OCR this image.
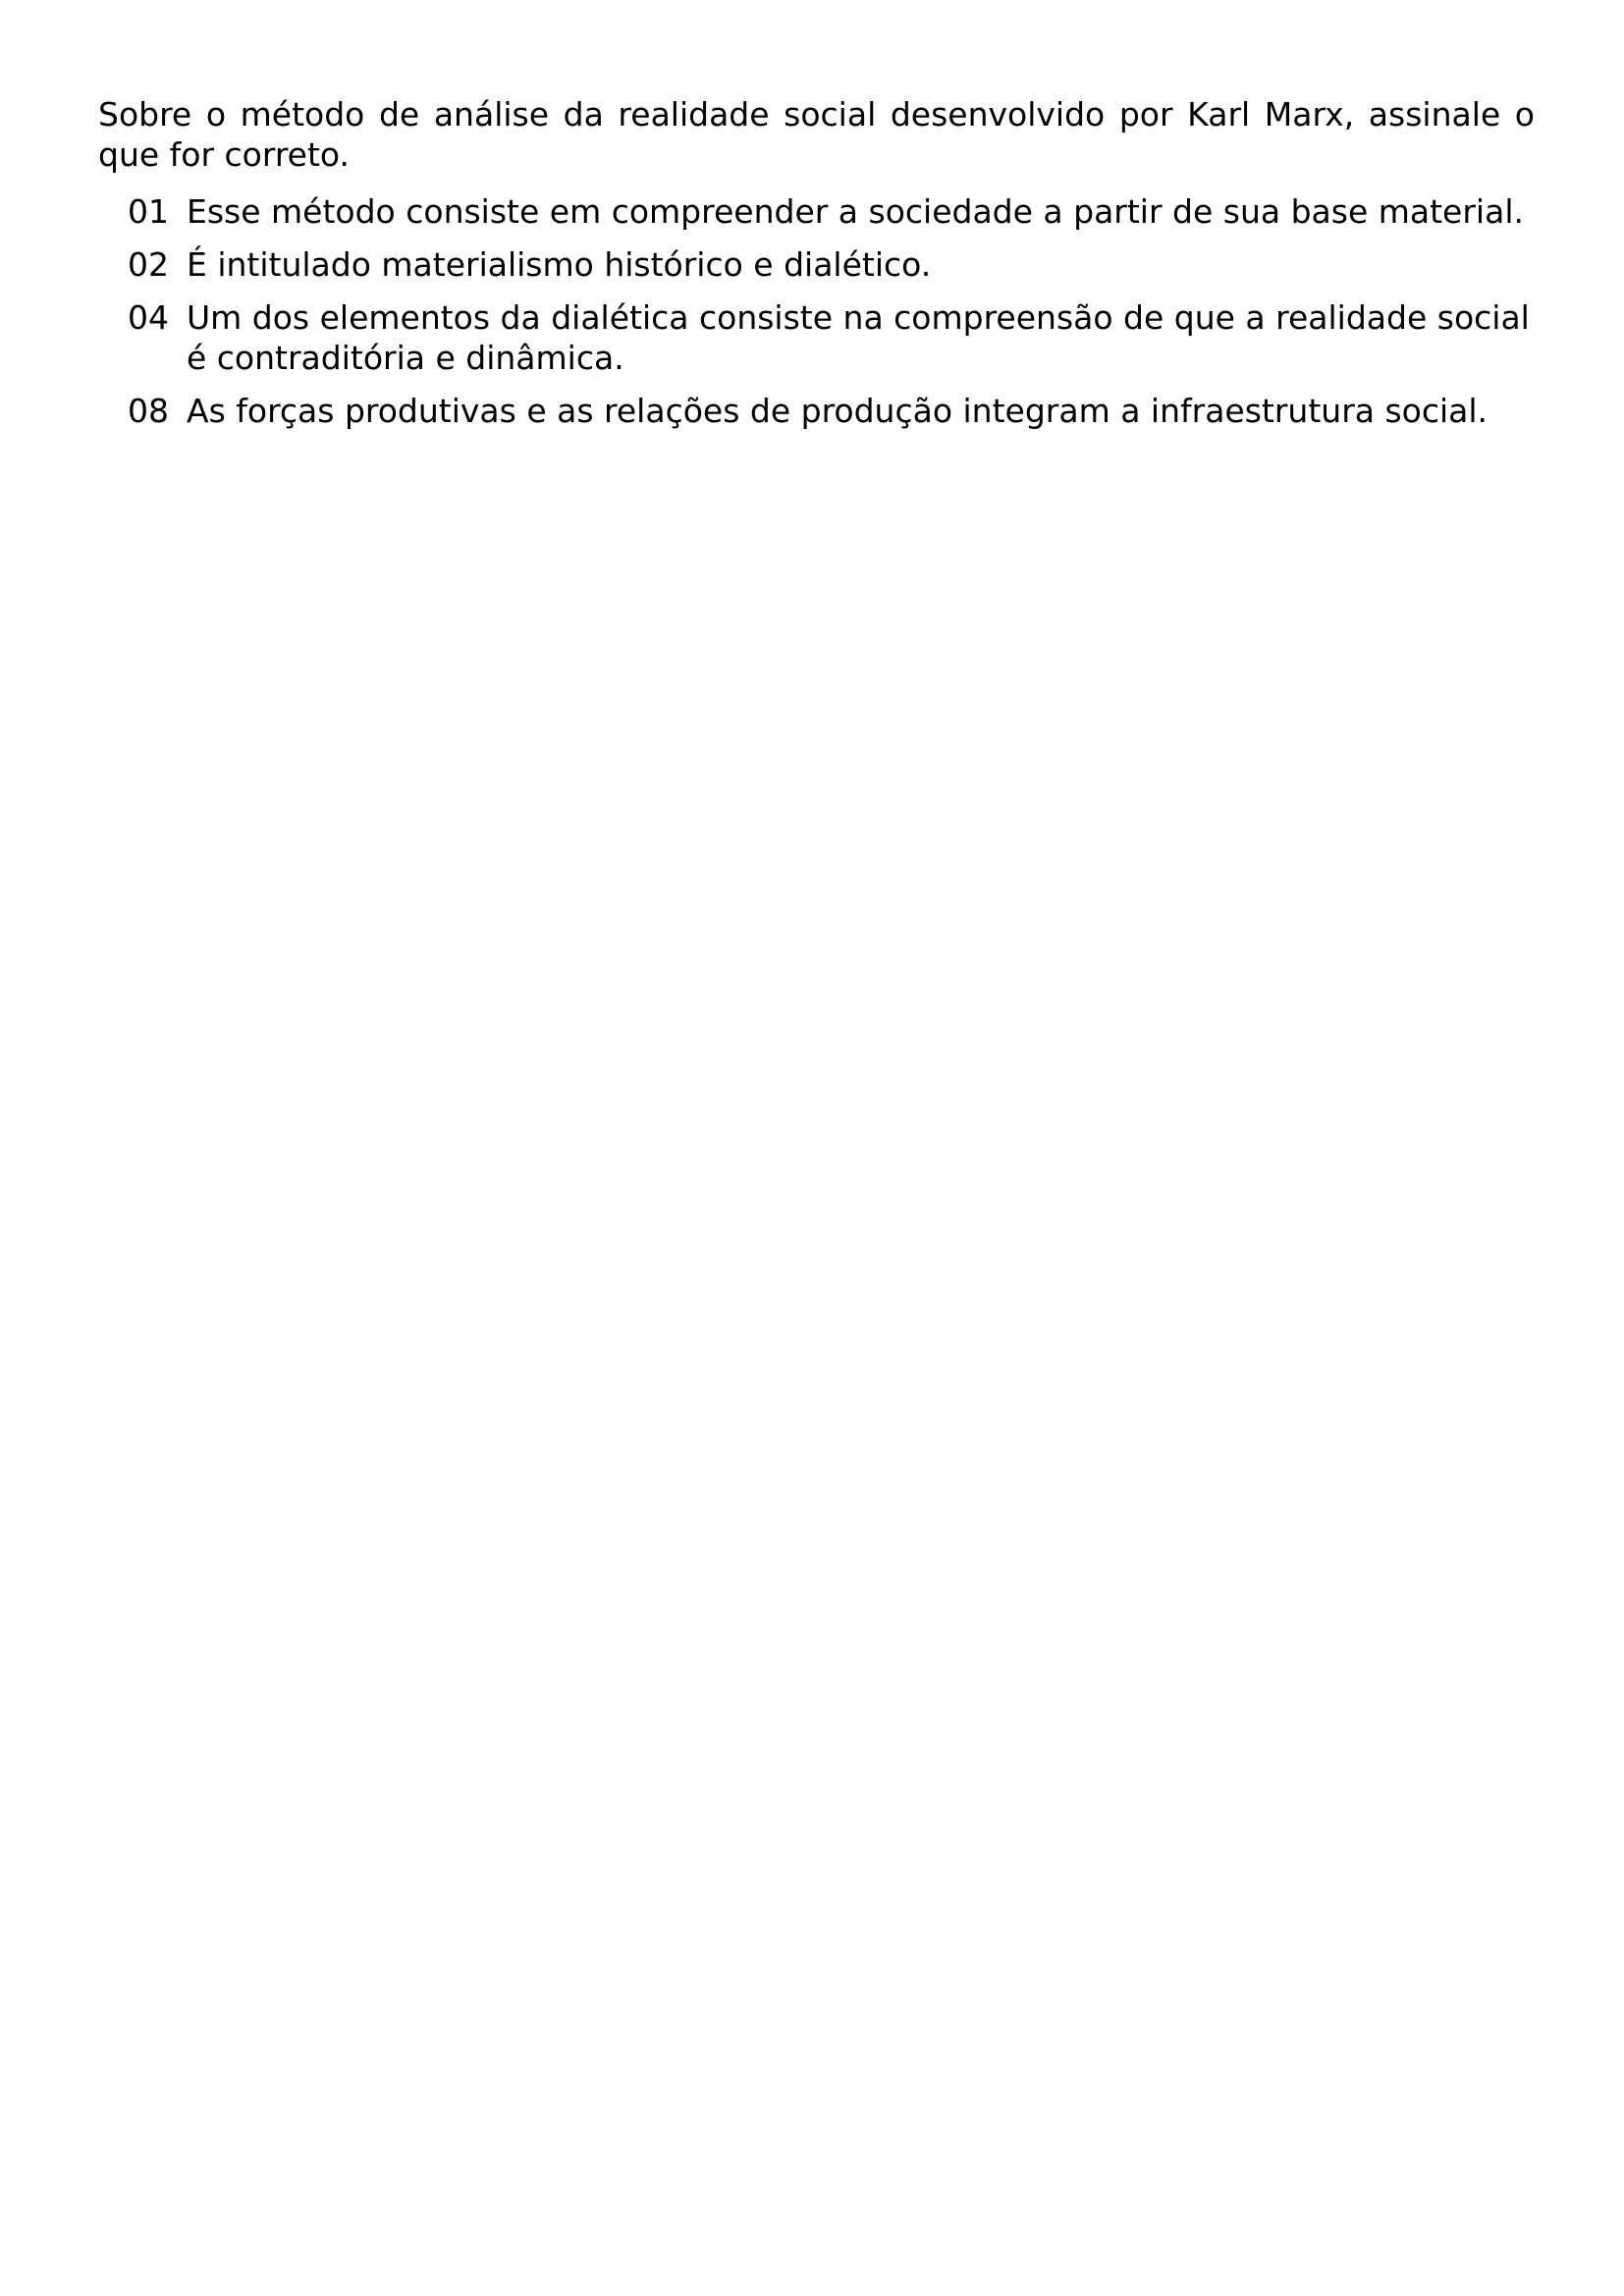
Sobre o método de análise da realidade social desenvolvido por Karl Marx, assinale o que for correto.

01 Esse método consiste em compreender a sociedade a partir de sua base material.
02 É intitulado materialismo histórico e dialético.
04 Um dos elementos da dialética consiste na compreensão de que a realidade social é contraditória e dinâmica.
08 As forças produtivas e as relações de produção integram a infraestrutura social.
